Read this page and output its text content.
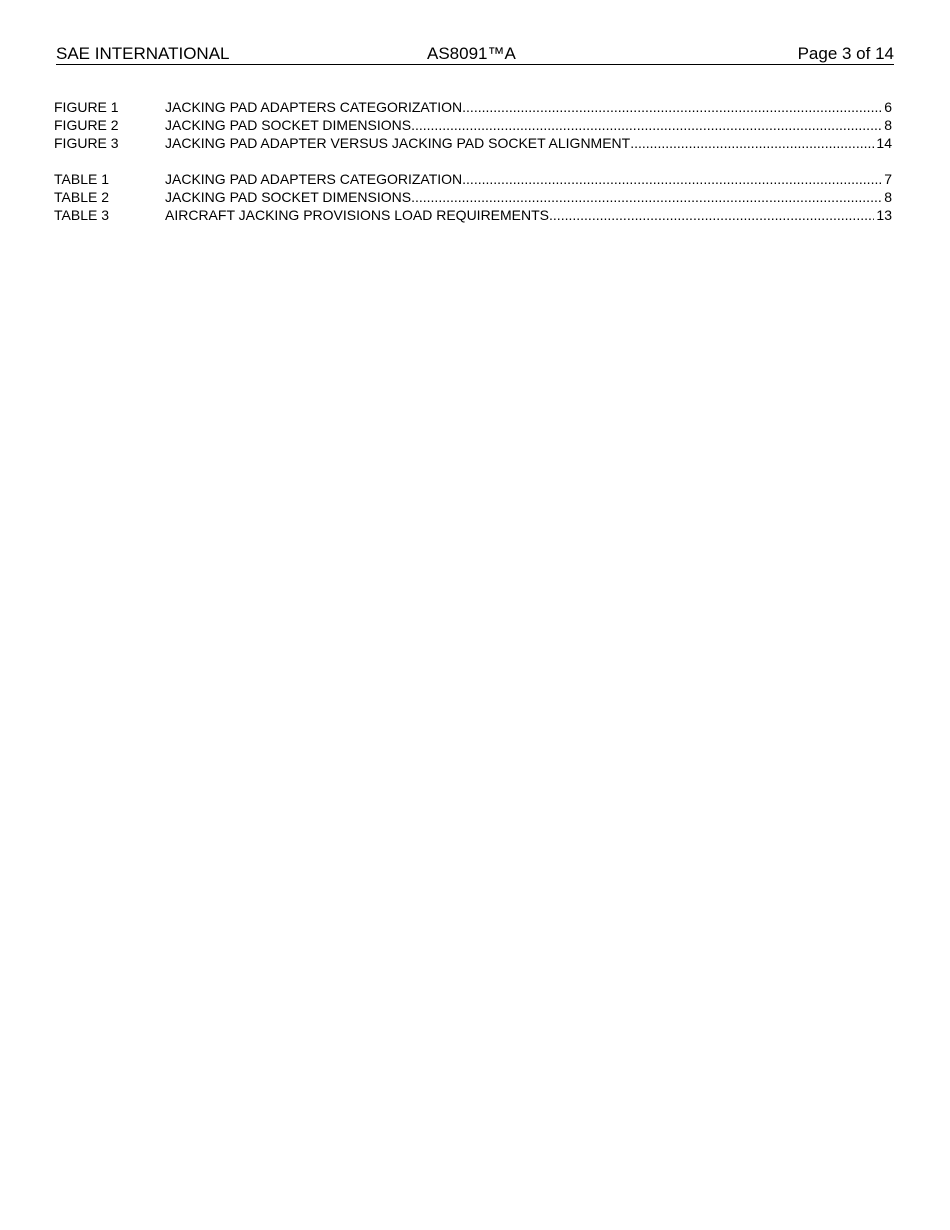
SAE INTERNATIONAL	AS8091™A	Page 3 of 14
FIGURE 1	JACKING PAD ADAPTERS CATEGORIZATION .....	6
FIGURE 2	JACKING PAD SOCKET DIMENSIONS .....	8
FIGURE 3	JACKING PAD ADAPTER VERSUS JACKING PAD SOCKET ALIGNMENT .....	14
TABLE 1	JACKING PAD ADAPTERS CATEGORIZATION .....	7
TABLE 2	JACKING PAD SOCKET DIMENSIONS .....	8
TABLE 3	AIRCRAFT JACKING PROVISIONS LOAD REQUIREMENTS .....	13
